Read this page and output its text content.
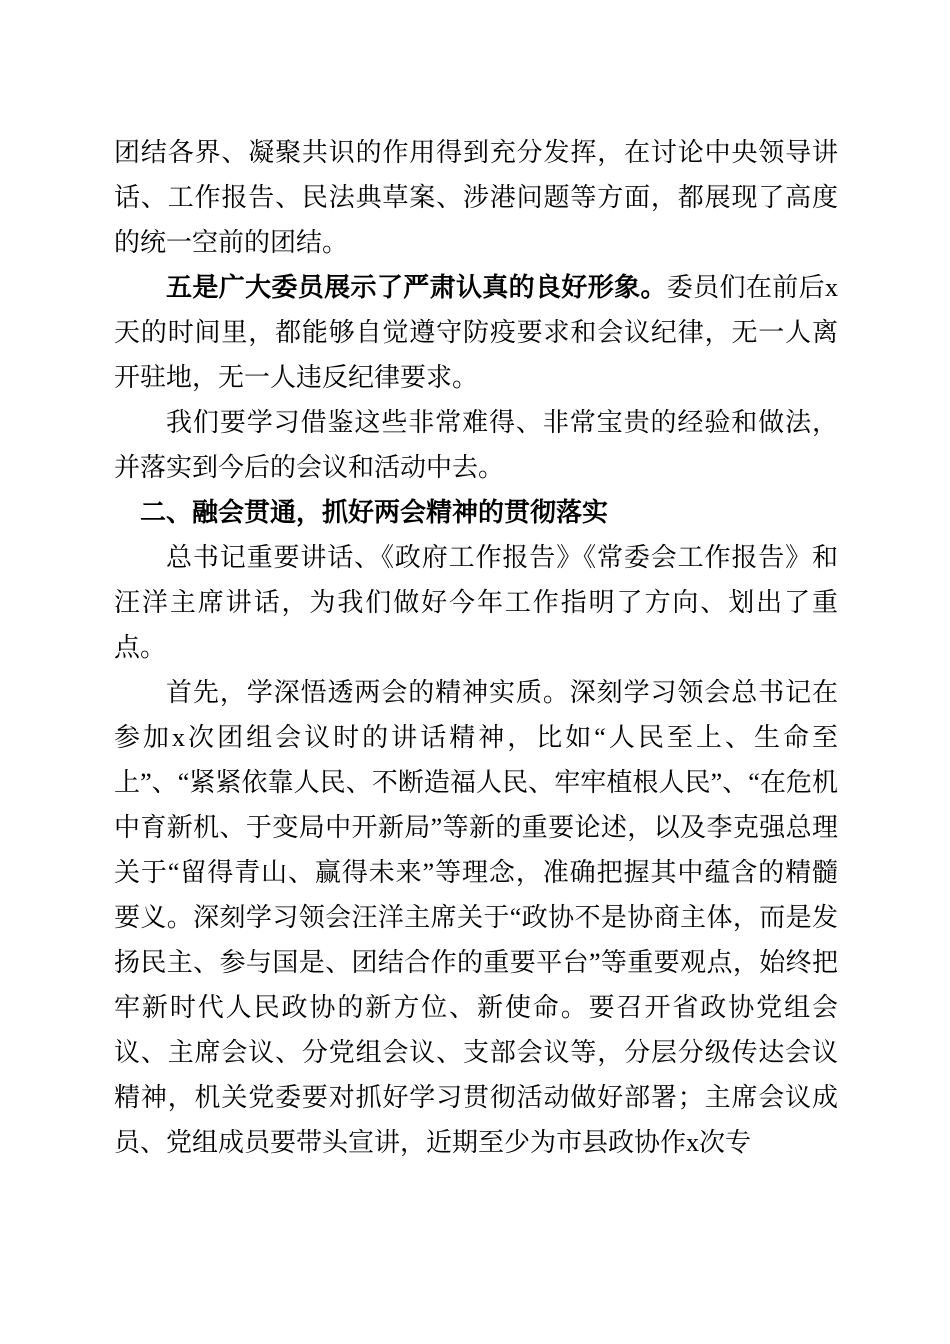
团结各界、凝聚共识的作用得到充分发挥，在讨论中央领导讲话、工作报告、民法典草案、涉港问题等方面，都展现了高度的统一空前的团结。

五是广大委员展示了严肃认真的良好形象。委员们在前后x天的时间里，都能够自觉遵守防疫要求和会议纪律，无一人离开驻地，无一人违反纪律要求。

我们要学习借鉴这些非常难得、非常宝贵的经验和做法，并落实到今后的会议和活动中去。

二、融会贯通，抓好两会精神的贯彻落实

总书记重要讲话、《政府工作报告》《常委会工作报告》和汪洋主席讲话，为我们做好今年工作指明了方向、划出了重点。

首先，学深悟透两会的精神实质。深刻学习领会总书记在参加x次团组会议时的讲话精神，比如“人民至上、生命至上”、“紧紧依靠人民、不断造福人民、牢牢植根人民”、“在危机中育新机、于变局中开新局”等新的重要论述，以及李克强总理关于“留得青山、赢得未来”等理念，准确把握其中蕴含的精髓要义。深刻学习领会汪洋主席关于“政协不是协商主体，而是发扬民主、参与国是、团结合作的重要平台”等重要观点，始终把牢新时代人民政协的新方位、新使命。要召开省政协党组会议、主席会议、分党组会议、支部会议等，分层分级传达会议精神，机关党委要对抓好学习贯彻活动做好部署；主席会议成员、党组成员要带头宣讲，近期至少为市县政协作x次专
